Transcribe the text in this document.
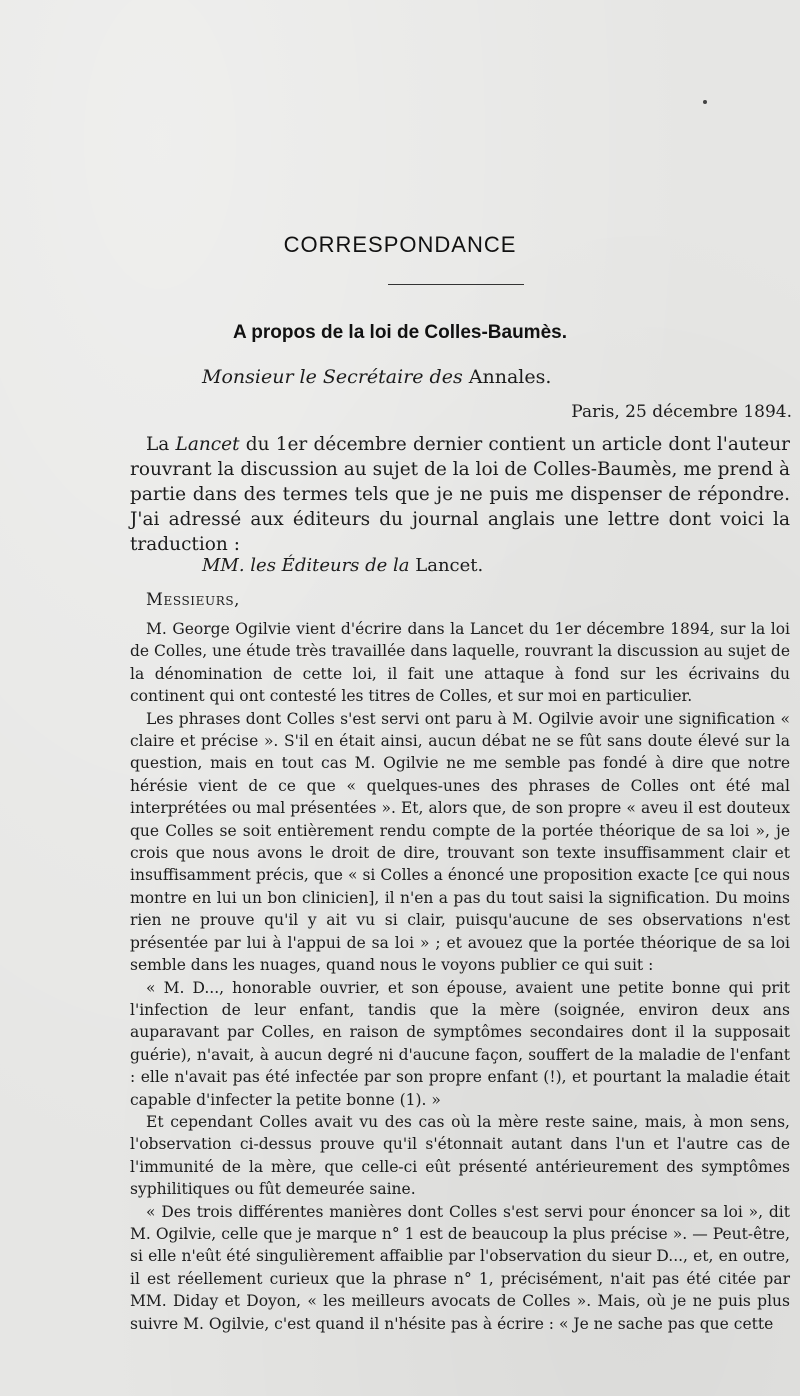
CORRESPONDANCE
A propos de la loi de Colles-Baumès.
Monsieur le Secrétaire des Annales.
Paris, 25 décembre 1894.

La Lancet du 1er décembre dernier contient un article dont l'auteur rouvrant la discussion au sujet de la loi de Colles-Baumès, me prend à partie dans des termes tels que je ne puis me dispenser de répondre. J'ai adressé aux éditeurs du journal anglais une lettre dont voici la traduction :

MM. les Éditeurs de la Lancet.
Messieurs,

M. George Ogilvie vient d'écrire dans la Lancet du 1er décembre 1894, sur la loi de Colles, une étude très travaillée dans laquelle, rouvrant la discussion au sujet de la dénomination de cette loi, il fait une attaque à fond sur les écrivains du continent qui ont contesté les titres de Colles, et sur moi en particulier.

Les phrases dont Colles s'est servi ont paru à M. Ogilvie avoir une signification « claire et précise ». S'il en était ainsi, aucun débat ne se fût sans doute élevé sur la question, mais en tout cas M. Ogilvie ne me semble pas fondé à dire que notre hérésie vient de ce que « quelques-unes des phrases de Colles ont été mal interprétées ou mal présentées ». Et, alors que, de son propre « aveu il est douteux que Colles se soit entièrement rendu compte de la portée théorique de sa loi », je crois que nous avons le droit de dire, trouvant son texte insuffisamment clair et insuffisamment précis, que « si Colles a énoncé une proposition exacte [ce qui nous montre en lui un bon clinicien], il n'en a pas du tout saisi la signification. Du moins rien ne prouve qu'il y ait vu si clair, puisqu'aucune de ses observations n'est présentée par lui à l'appui de sa loi » ; et avouez que la portée théorique de sa loi semble dans les nuages, quand nous le voyons publier ce qui suit :

« M. D..., honorable ouvrier, et son épouse, avaient une petite bonne qui prit l'infection de leur enfant, tandis que la mère (soignée, environ deux ans auparavant par Colles, en raison de symptômes secondaires dont il la supposait guérie), n'avait, à aucun degré ni d'aucune façon, souffert de la maladie de l'enfant : elle n'avait pas été infectée par son propre enfant (!), et pourtant la maladie était capable d'infecter la petite bonne (1). »

Et cependant Colles avait vu des cas où la mère reste saine, mais, à mon sens, l'observation ci-dessus prouve qu'il s'étonnait autant dans l'un et l'autre cas de l'immunité de la mère, que celle-ci eût présenté antérieurement des symptômes syphilitiques ou fût demeurée saine.

« Des trois différentes manières dont Colles s'est servi pour énoncer sa loi », dit M. Ogilvie, celle que je marque n° 1 est de beaucoup la plus précise ». — Peut-être, si elle n'eût été singulièrement affaiblie par l'observation du sieur D..., et, en outre, il est réellement curieux que la phrase n° 1, précisément, n'ait pas été citée par MM. Diday et Doyon, « les meilleurs avocats de Colles ». Mais, où je ne puis plus suivre M. Ogilvie, c'est quand il n'hésite pas à écrire : « Je ne sache pas que cette
